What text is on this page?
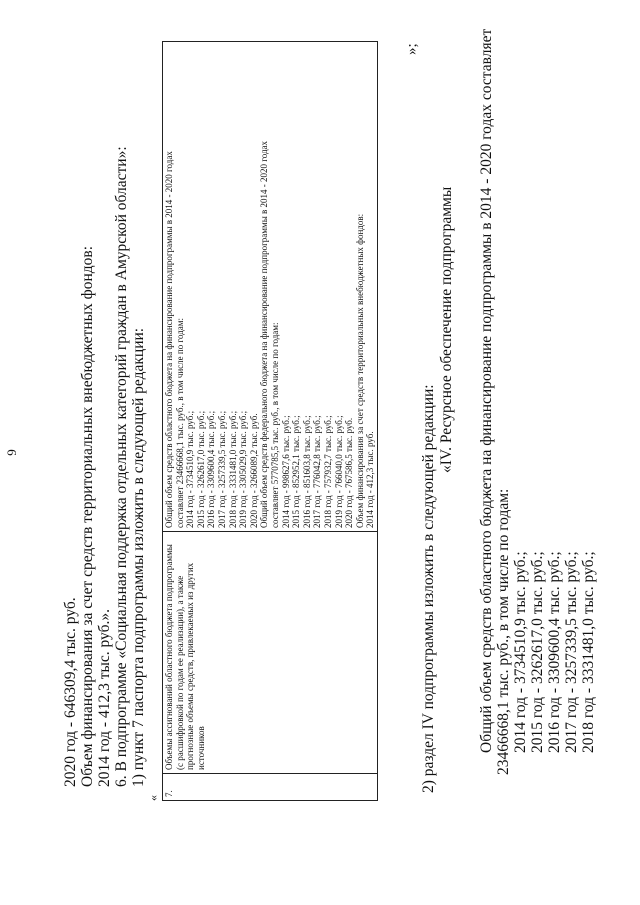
9
2020 год - 646309,4 тыс. руб. Объем финансирования за счет средств территориальных внебюджетных фондов: 2014 год - 412,3 тыс. руб.». 6. В подпрограмме «Социальная поддержка отдельных категорий граждан в Амурской области»: 1) пункт 7 паспорта подпрограммы изложить в следующей редакции:
«
7.	Объемы ассигнований областного бюджета подпрограммы (с расшифровкой по годам ее реализации), а также прогнозные объемы средств, привлекаемых из других источников	
Общий объем средств областного бюджета на финансирование подпрограммы в 2014 - 2020 годах составляет 23466668,1 тыс. руб., в том числе по годам: 2014 год - 3734510,9 тыс. руб.; 2015 год - 3262617,0 тыс. руб.; 2016 год - 3309600,4 тыс. руб.; 2017 год - 3257339,5 тыс. руб.; 2018 год - 3331481,0 тыс. руб.; 2019 год - 3305029,9 тыс. руб.; 2020 год - 3266089,2 тыс. руб. Общий объем средств федерального бюджета на финансирование подпрограммы в 2014 - 2020 годах составляет 5770785,5 тыс. руб., в том числе по годам: 2014 год - 998627,6 тыс. руб.; 2015 год - 852952,1 тыс. руб.; 2016 год - 851603,8 тыс. руб.; 2017 год - 776042,8 тыс. руб.; 2018 год - 757932,7 тыс. руб.; 2019 год - 766040,0 тыс. руб.; 2020 год - 767586,5 тыс. руб. Объем финансирования за счет средств территориальных внебюджетных фондов: 2014 год - 412,3 тыс. руб.
»;
2) раздел IV подпрограммы изложить в следующей редакции:
«IV. Ресурсное обеспечение подпрограммы Общий объем средств областного бюджета на финансирование подпрограммы в 2014 - 2020 годах составляет 23466668,1 тыс. руб., в том числе по годам: 2014 год - 3734510,9 тыс. руб.; 2015 год - 3262617,0 тыс. руб.; 2016 год - 3309600,4 тыс. руб.; 2017 год - 3257339,5 тыс. руб.; 2018 год - 3331481,0 тыс. руб.;
